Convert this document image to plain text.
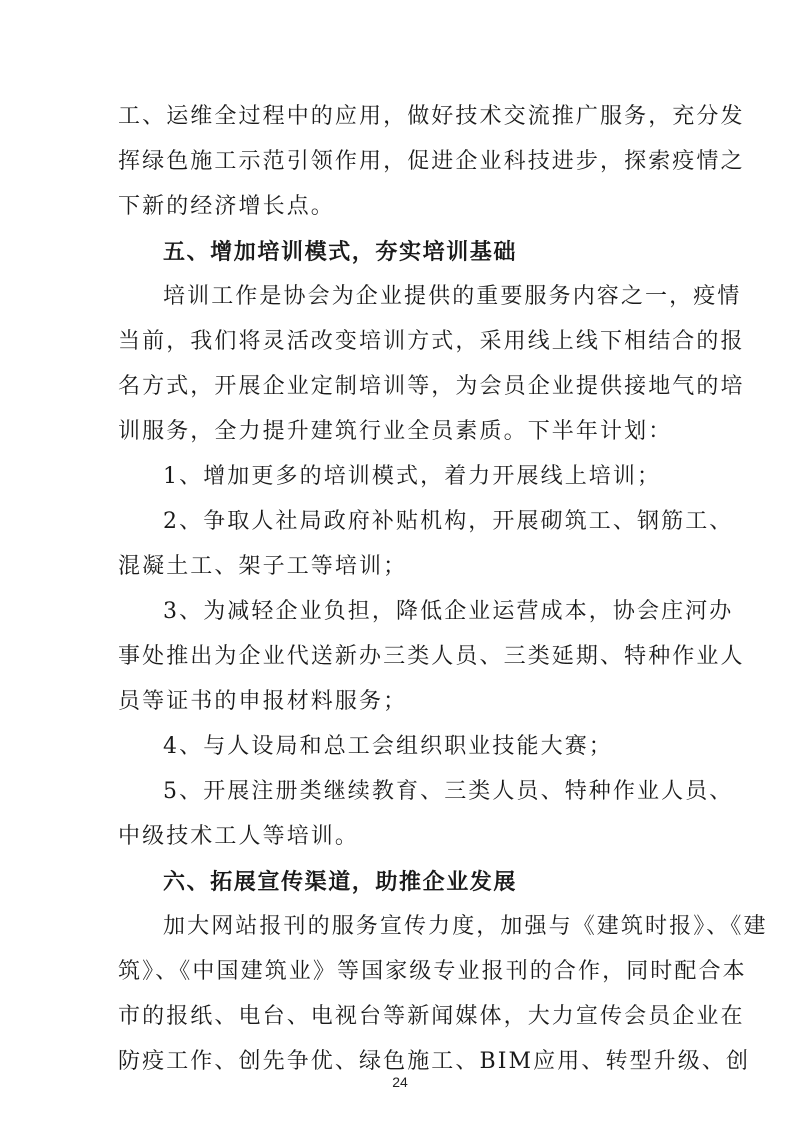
工、运维全过程中的应用，做好技术交流推广服务，充分发
挥绿色施工示范引领作用，促进企业科技进步，探索疫情之
下新的经济增长点。
五、增加培训模式，夯实培训基础
培训工作是协会为企业提供的重要服务内容之一，疫情
当前，我们将灵活改变培训方式，采用线上线下相结合的报
名方式，开展企业定制培训等，为会员企业提供接地气的培
训服务，全力提升建筑行业全员素质。下半年计划：
1、增加更多的培训模式，着力开展线上培训；
2、争取人社局政府补贴机构，开展砌筑工、钢筋工、
混凝土工、架子工等培训；
3、为减轻企业负担，降低企业运营成本，协会庄河办
事处推出为企业代送新办三类人员、三类延期、特种作业人
员等证书的申报材料服务；
4、与人设局和总工会组织职业技能大赛；
5、开展注册类继续教育、三类人员、特种作业人员、
中级技术工人等培训。
六、拓展宣传渠道，助推企业发展
加大网站报刊的服务宣传力度，加强与《建筑时报》、《建
筑》、《中国建筑业》等国家级专业报刊的合作，同时配合本
市的报纸、电台、电视台等新闻媒体，大力宣传会员企业在
防疫工作、创先争优、绿色施工、BIM应用、转型升级、创
24
